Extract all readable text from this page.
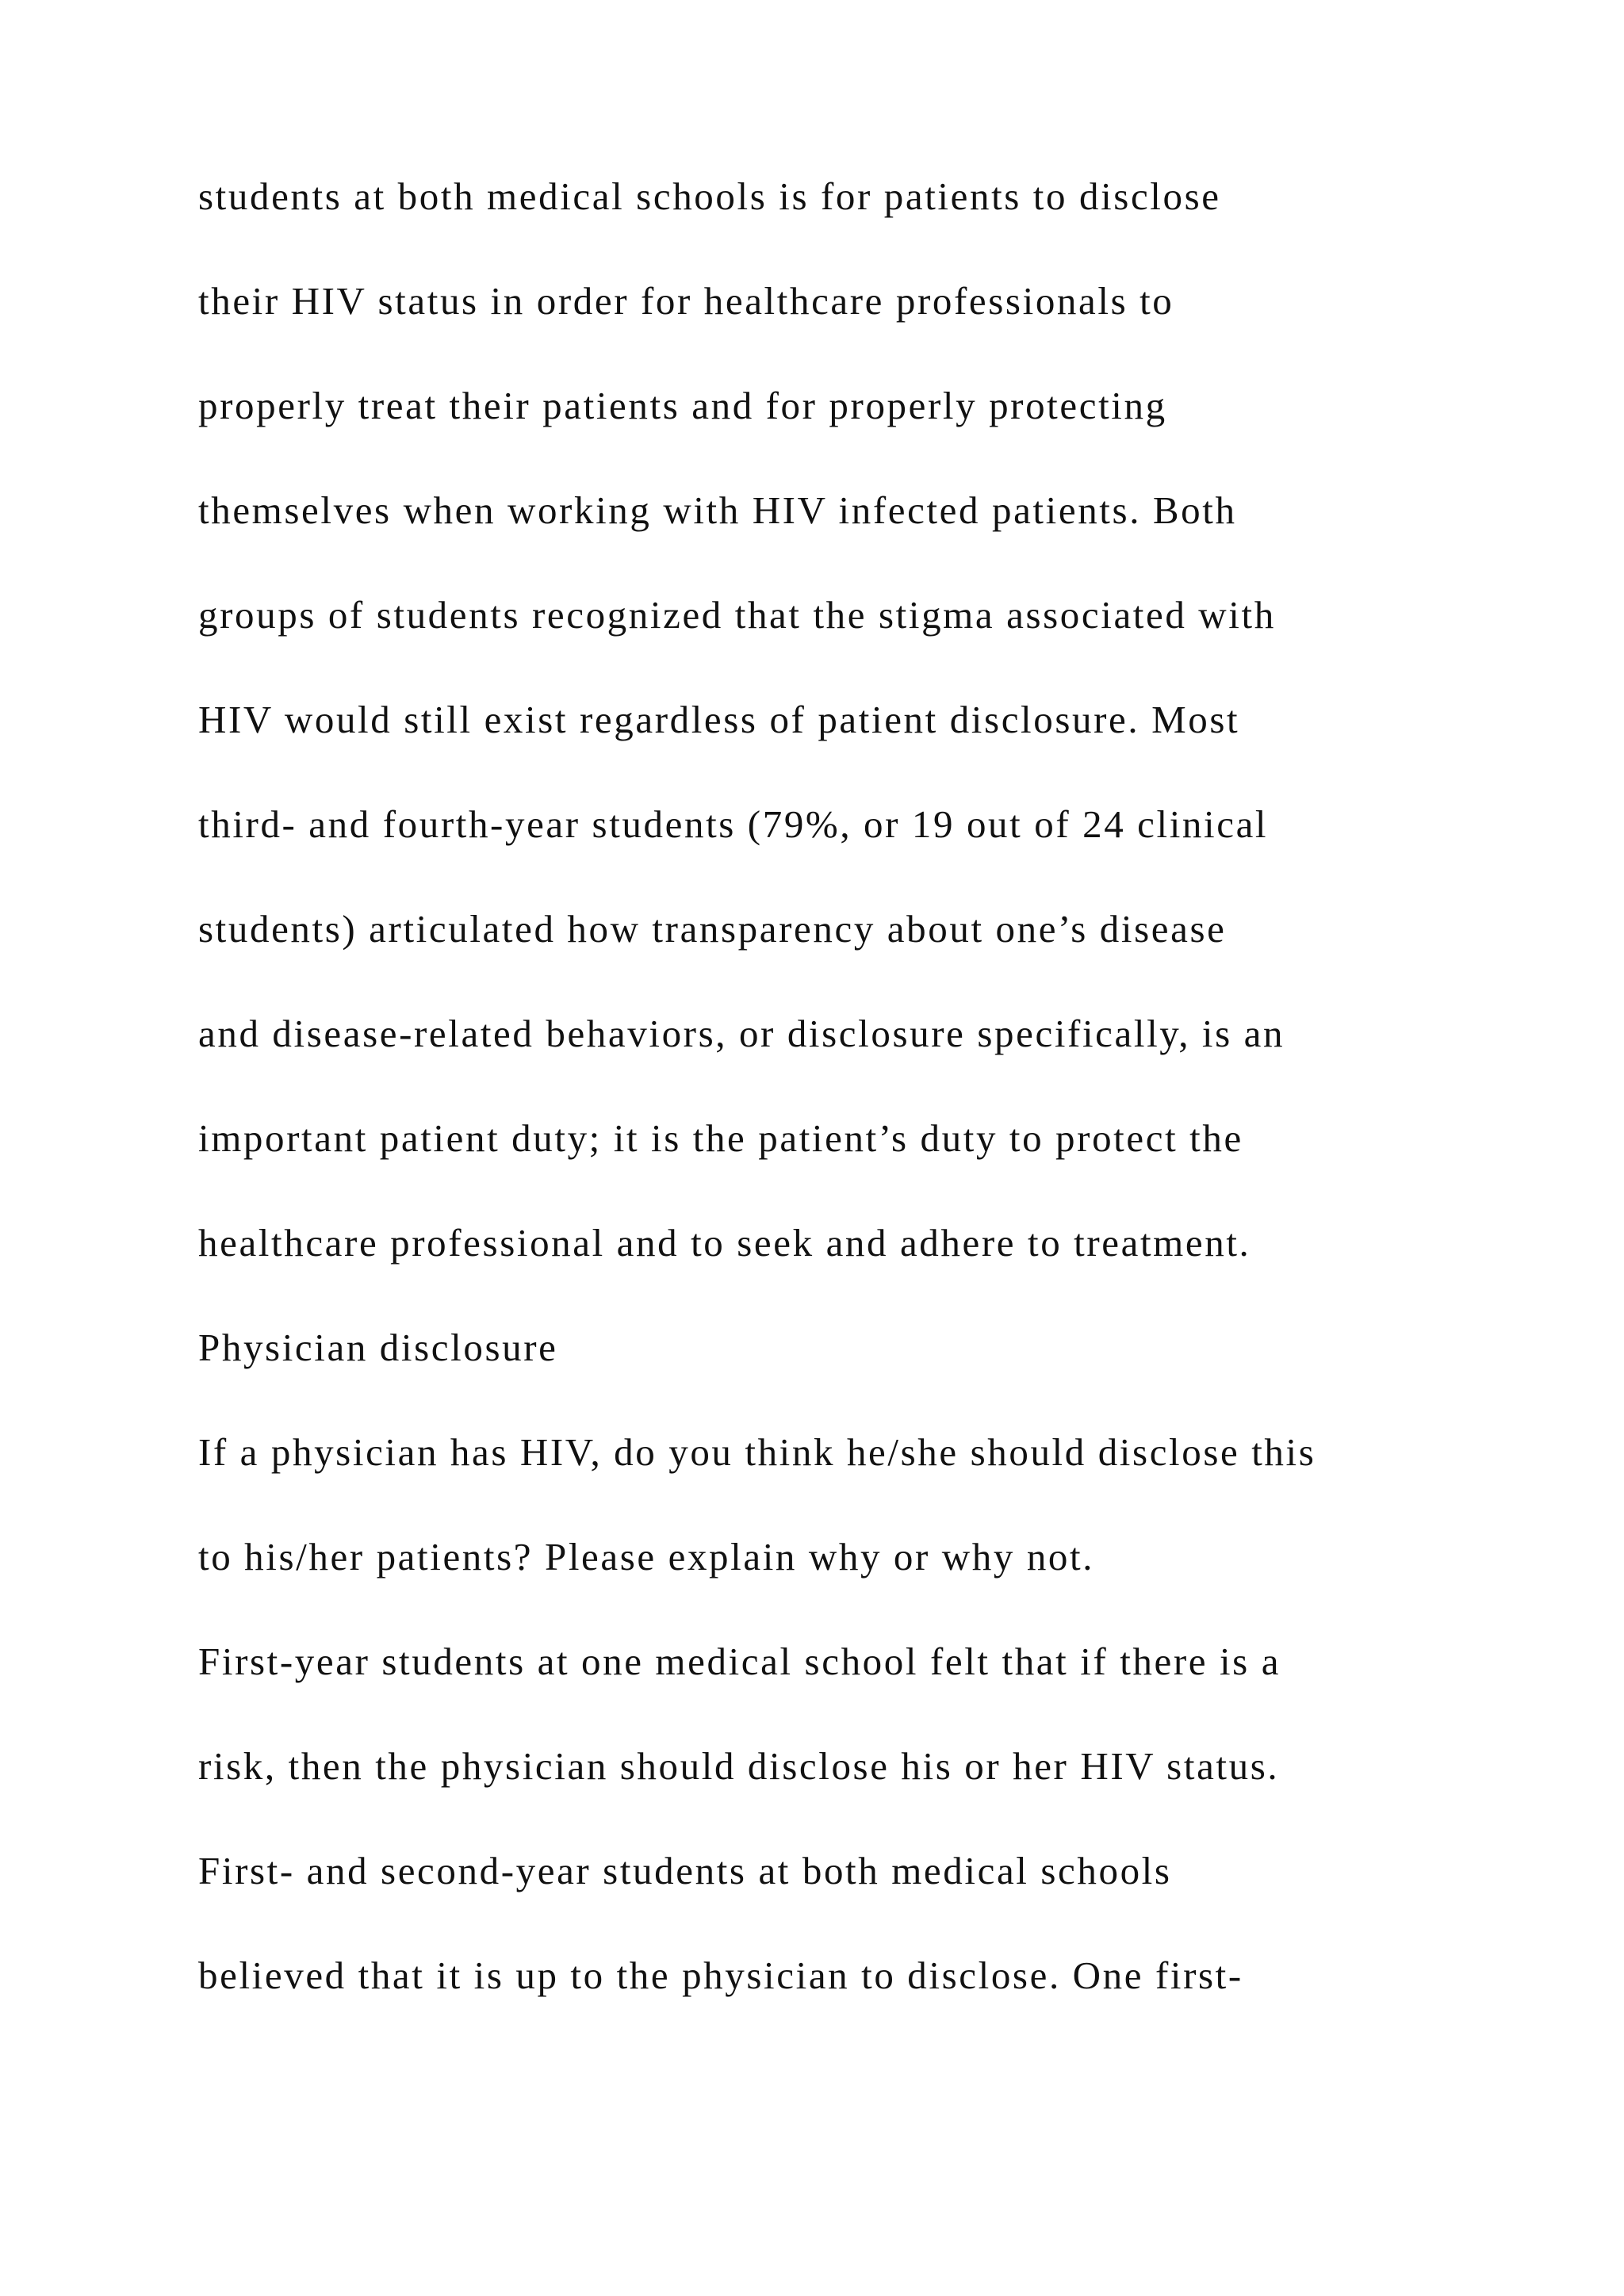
students at both medical schools is for patients to disclose
their HIV status in order for healthcare professionals to
properly treat their patients and for properly protecting
themselves when working with HIV infected patients. Both
groups of students recognized that the stigma associated with
HIV would still exist regardless of patient disclosure. Most
third- and fourth-year students (79%, or 19 out of 24 clinical
students) articulated how transparency about one’s disease
and disease-related behaviors, or disclosure specifically, is an
important patient duty; it is the patient’s duty to protect the
healthcare professional and to seek and adhere to treatment.
Physician disclosure
If a physician has HIV, do you think he/she should disclose this
to his/her patients? Please explain why or why not.
First-year students at one medical school felt that if there is a
risk, then the physician should disclose his or her HIV status.
First- and second-year students at both medical schools
believed that it is up to the physician to disclose. One first-
